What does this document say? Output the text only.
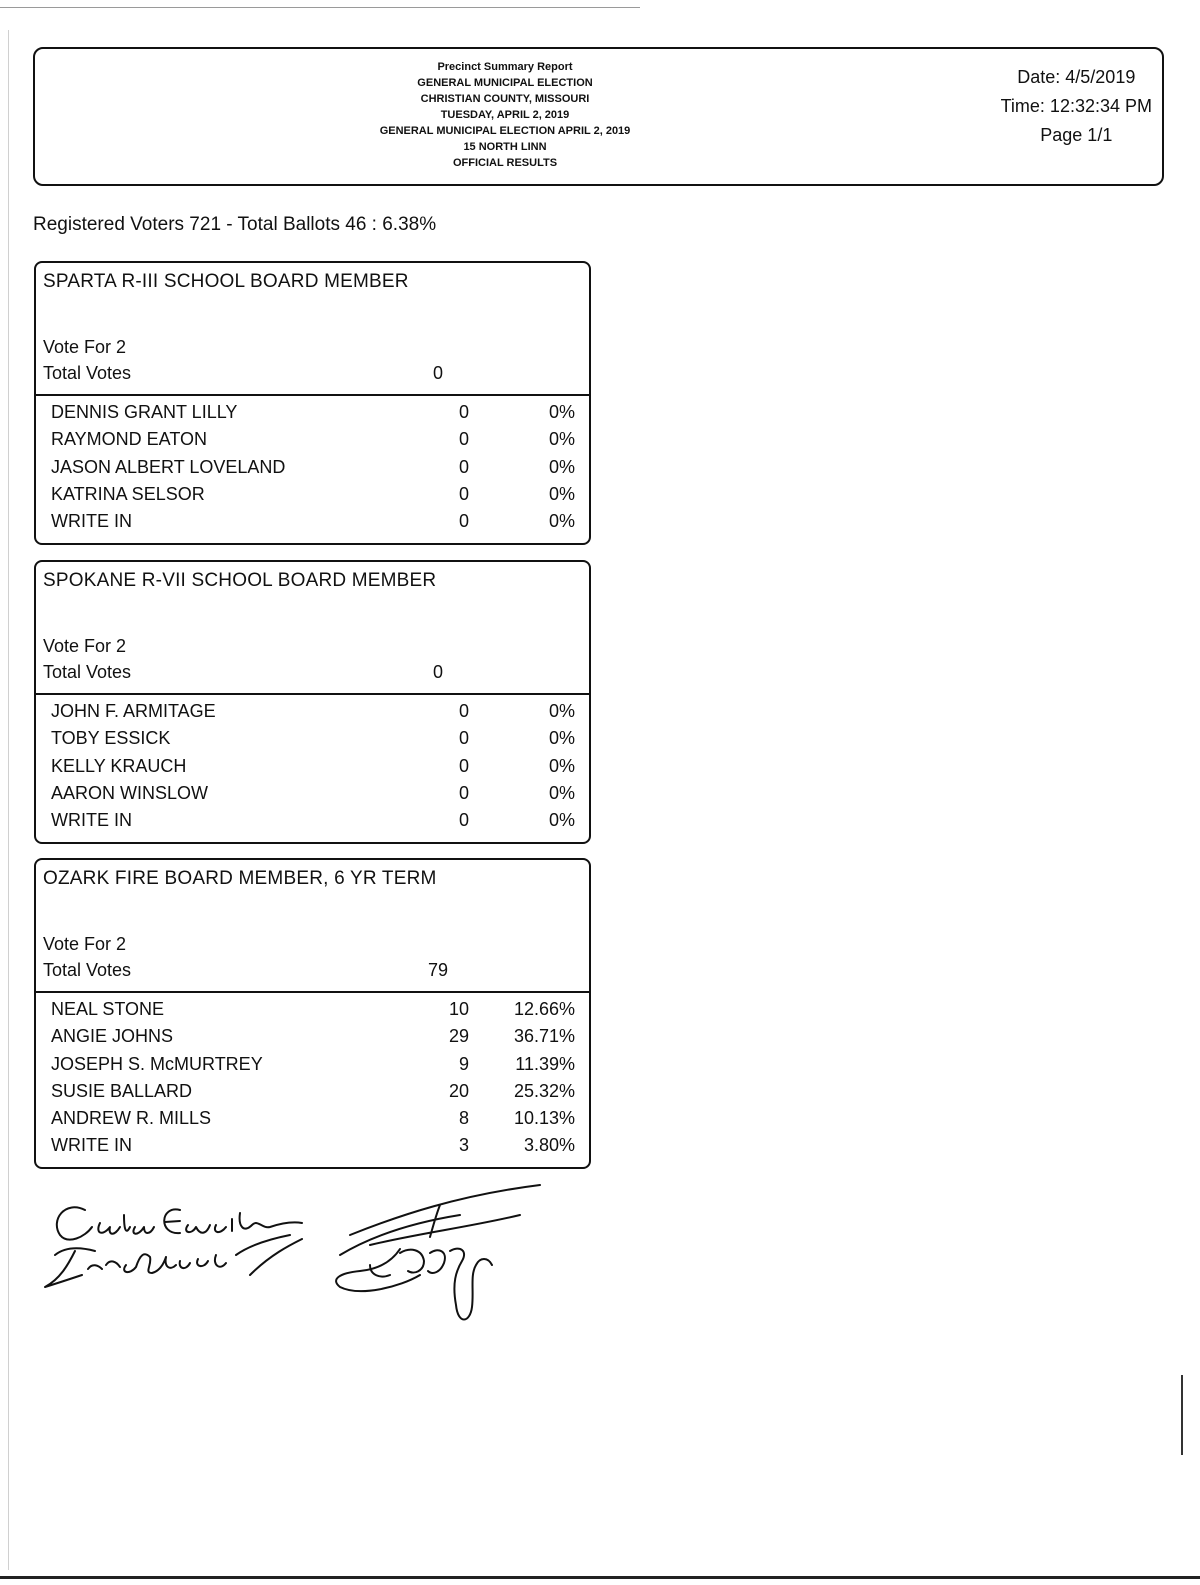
Precinct Summary Report
GENERAL MUNICIPAL ELECTION
CHRISTIAN COUNTY, MISSOURI
TUESDAY, APRIL 2, 2019
GENERAL MUNICIPAL ELECTION APRIL 2, 2019
15 NORTH LINN
OFFICIAL RESULTS
Date: 4/5/2019
Time: 12:32:34 PM
Page 1/1
Registered Voters 721 - Total Ballots 46 : 6.38%
SPARTA R-III SCHOOL BOARD MEMBER
Vote For 2
Total Votes	0
DENNIS GRANT LILLY	0	0%
RAYMOND EATON	0	0%
JASON ALBERT LOVELAND	0	0%
KATRINA SELSOR	0	0%
WRITE IN	0	0%
SPOKANE R-VII SCHOOL BOARD MEMBER
Vote For 2
Total Votes	0
JOHN F. ARMITAGE	0	0%
TOBY ESSICK	0	0%
KELLY KRAUCH	0	0%
AARON WINSLOW	0	0%
WRITE IN	0	0%
OZARK FIRE BOARD MEMBER, 6 YR TERM
Vote For 2
Total Votes	79
NEAL STONE	10 12.66%
ANGIE JOHNS	29 36.71%
JOSEPH S. McMURTREY	9	11.39%
SUSIE BALLARD	20 25.32%
ANDREW R. MILLS	8 10.13%
WRITE IN	3	3.80%
